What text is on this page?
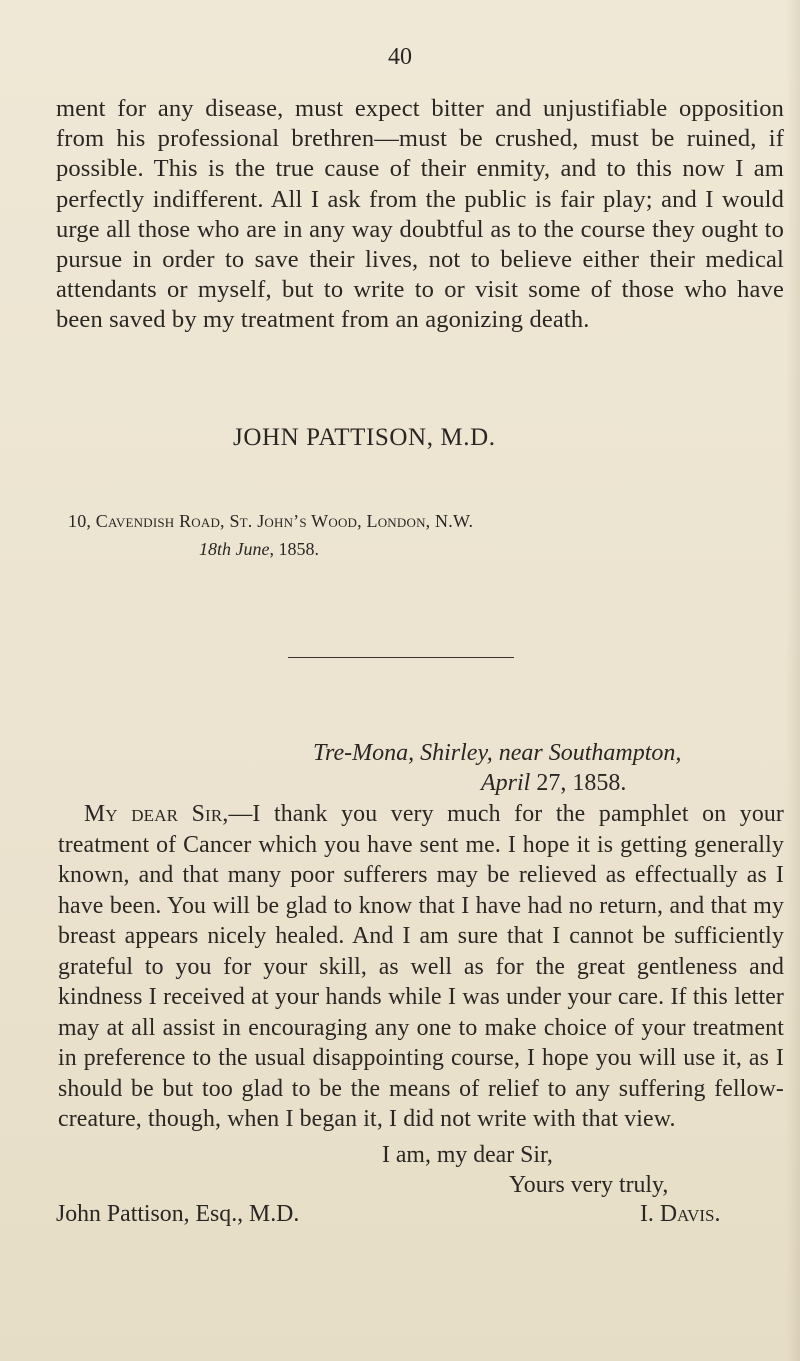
40
ment for any disease, must expect bitter and unjustifiable opposition from his professional brethren—must be crushed, must be ruined, if possible. This is the true cause of their enmity, and to this now I am perfectly indifferent. All I ask from the public is fair play; and I would urge all those who are in any way doubtful as to the course they ought to pursue in order to save their lives, not to believe either their medical attendants or myself, but to write to or visit some of those who have been saved by my treatment from an agonizing death.
JOHN PATTISON, M.D.
10, Cavendish Road, St. John’s Wood, London, N.W.
18th June, 1858.
Tre-Mona, Shirley, near Southampton,
April 27, 1858.
My dear Sir,—I thank you very much for the pamphlet on your treatment of Cancer which you have sent me. I hope it is getting generally known, and that many poor sufferers may be relieved as effectually as I have been. You will be glad to know that I have had no return, and that my breast appears nicely healed. And I am sure that I cannot be sufficiently grateful to you for your skill, as well as for the great gentleness and kindness I received at your hands while I was under your care. If this letter may at all assist in encouraging any one to make choice of your treatment in preference to the usual disappointing course, I hope you will use it, as I should be but too glad to be the means of relief to any suffering fellow-creature, though, when I began it, I did not write with that view.
I am, my dear Sir,
Yours very truly,
John Pattison, Esq., M.D.	I. Davis.
